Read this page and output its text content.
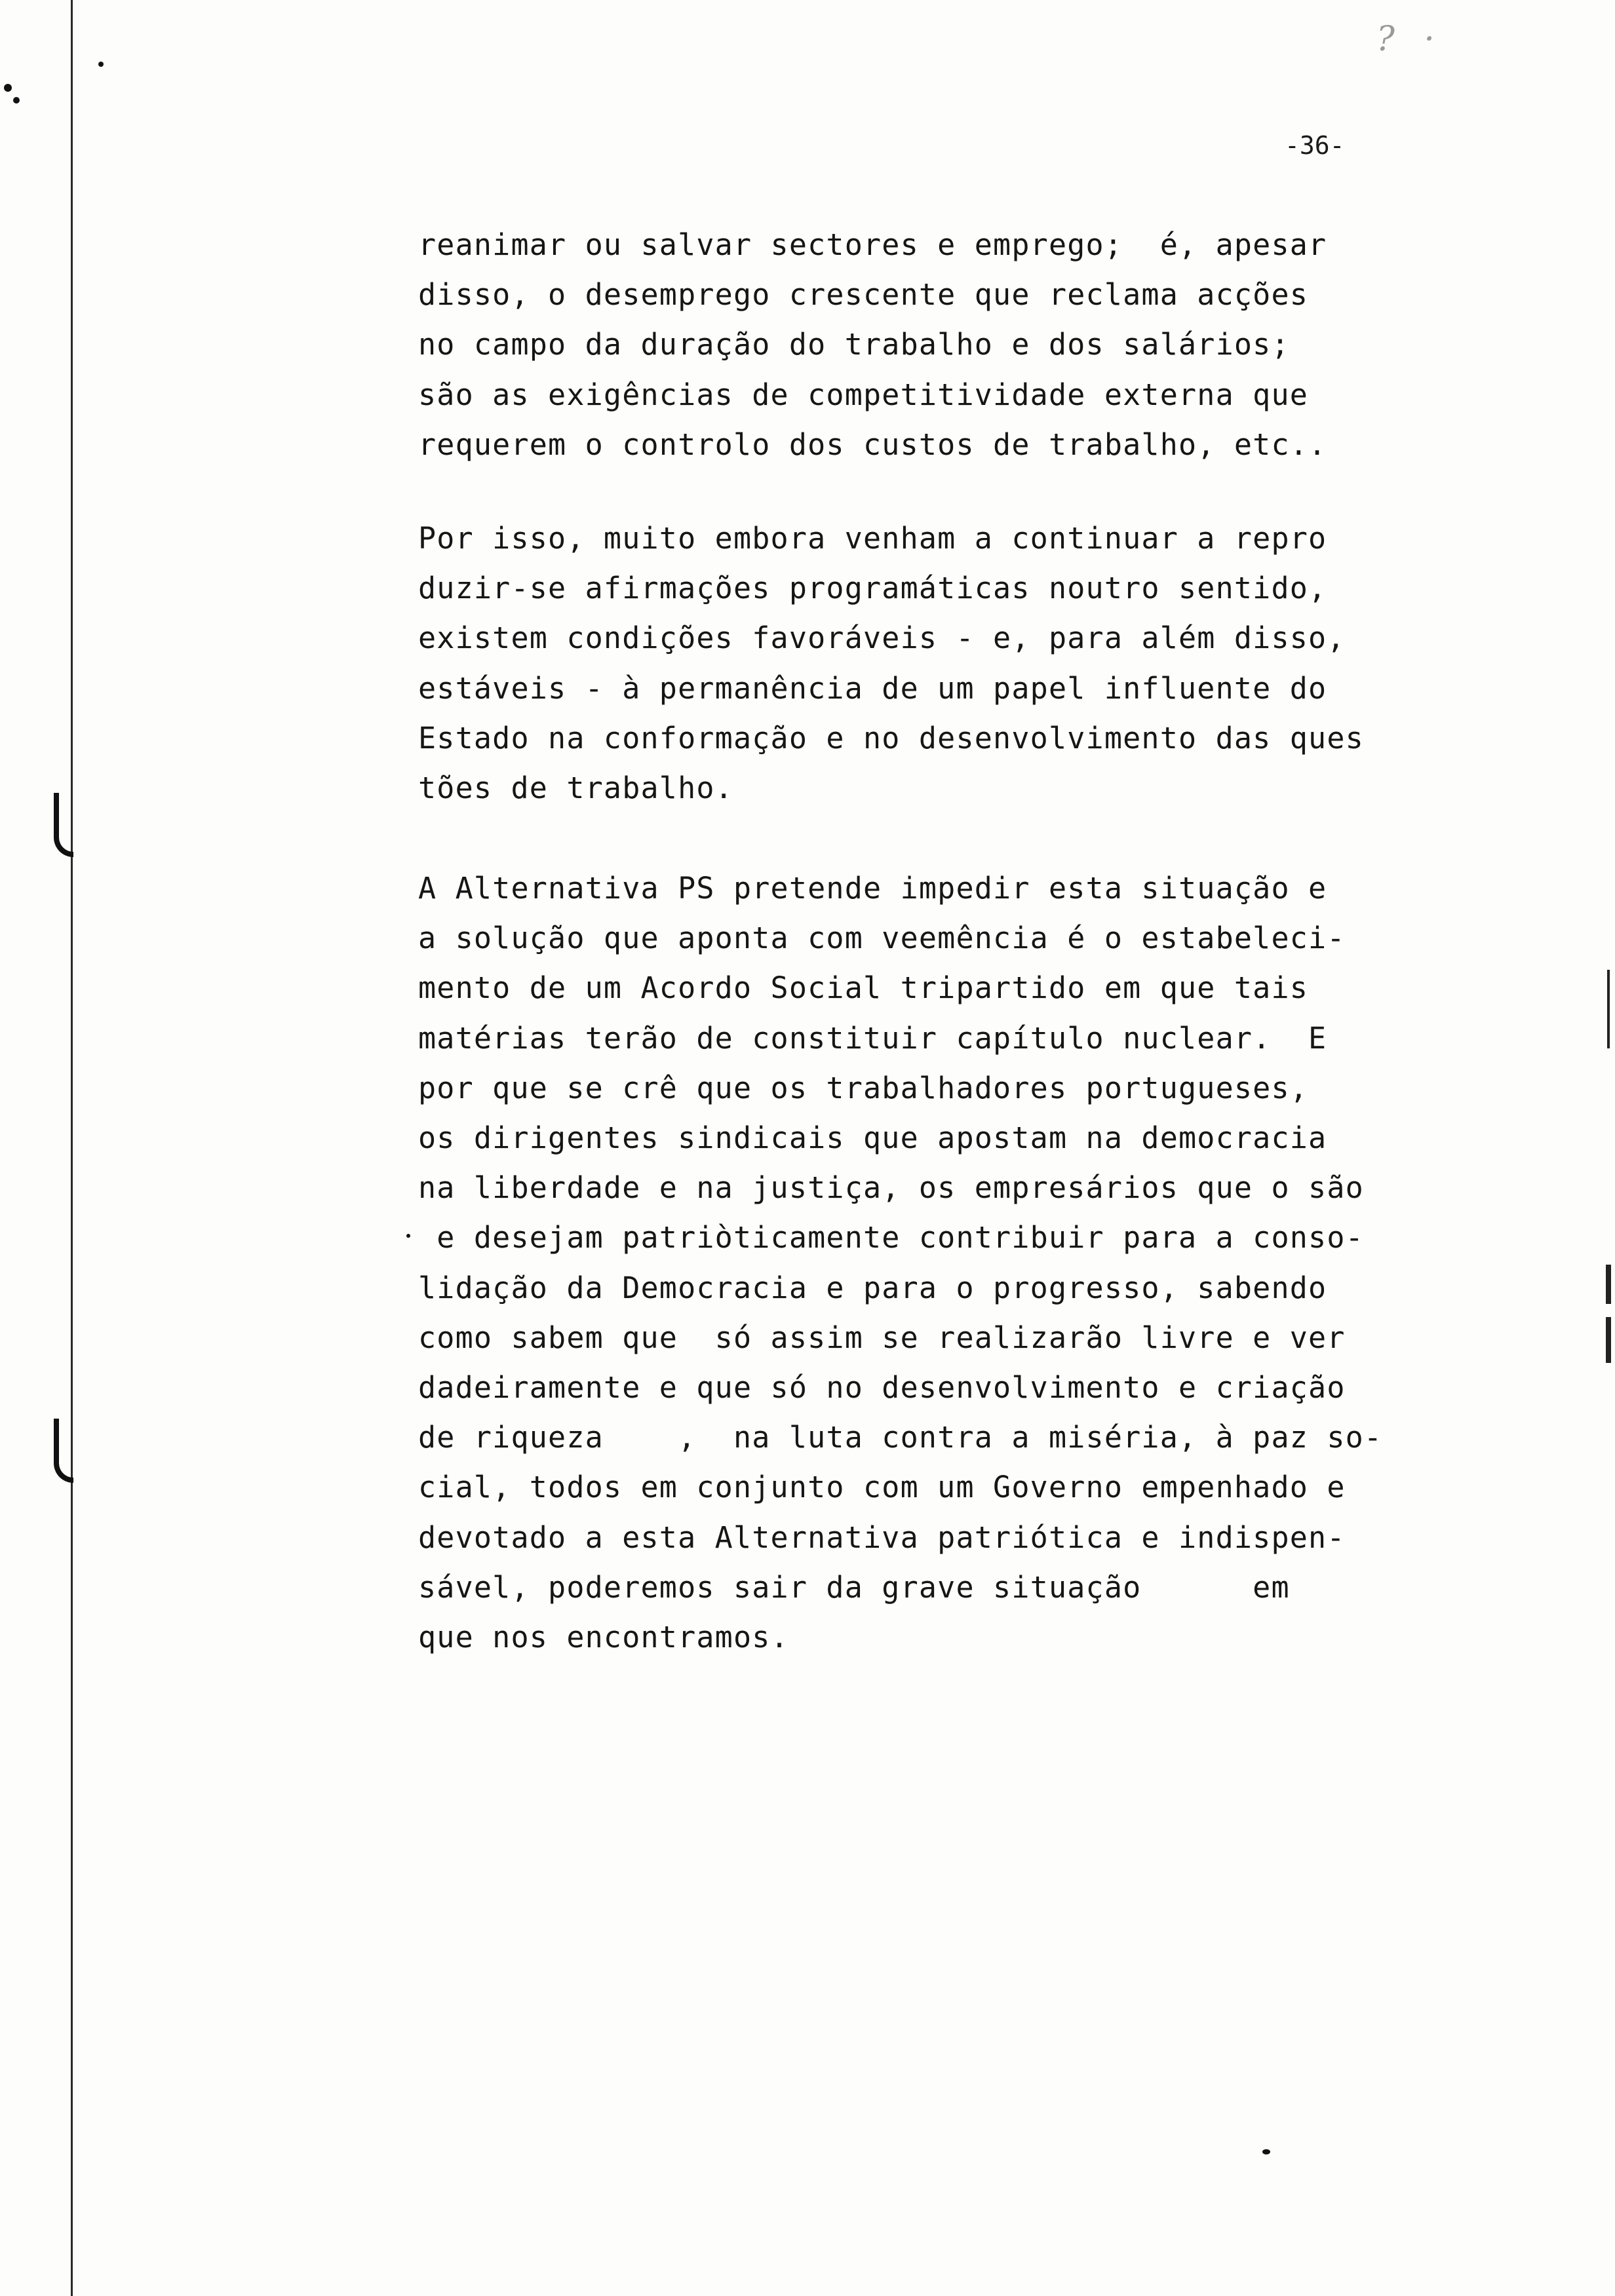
? ·
-36-
reanimar ou salvar sectores e emprego;  é, apesar
disso, o desemprego crescente que reclama acções
no campo da duração do trabalho e dos salários;
são as exigências de competitividade externa que
requerem o controlo dos custos de trabalho, etc..
Por isso, muito embora venham a continuar a repro
duzir-se afirmações programáticas noutro sentido,
existem condições favoráveis - e, para além disso,
estáveis - à permanência de um papel influente do
Estado na conformação e no desenvolvimento das ques
tões de trabalho.
A Alternativa PS pretende impedir esta situação e
a solução que aponta com veemência é o estabeleci-
mento de um Acordo Social tripartido em que tais
matérias terão de constituir capítulo nuclear.  E
por que se crê que os trabalhadores portugueses,
os dirigentes sindicais que apostam na democracia
na liberdade e na justiça, os empresários que o são
e desejam patriòticamente contribuir para a conso-
lidação da Democracia e para o progresso, sabendo
como sabem que  só assim se realizarão livre e ver
dadeiramente e que só no desenvolvimento e criação
de riqueza    ,  na luta contra a miséria, à paz so-
cial, todos em conjunto com um Governo empenhado e
devotado a esta Alternativa patriótica e indispen-
sável, poderemos sair da grave situação      em
que nos encontramos.
